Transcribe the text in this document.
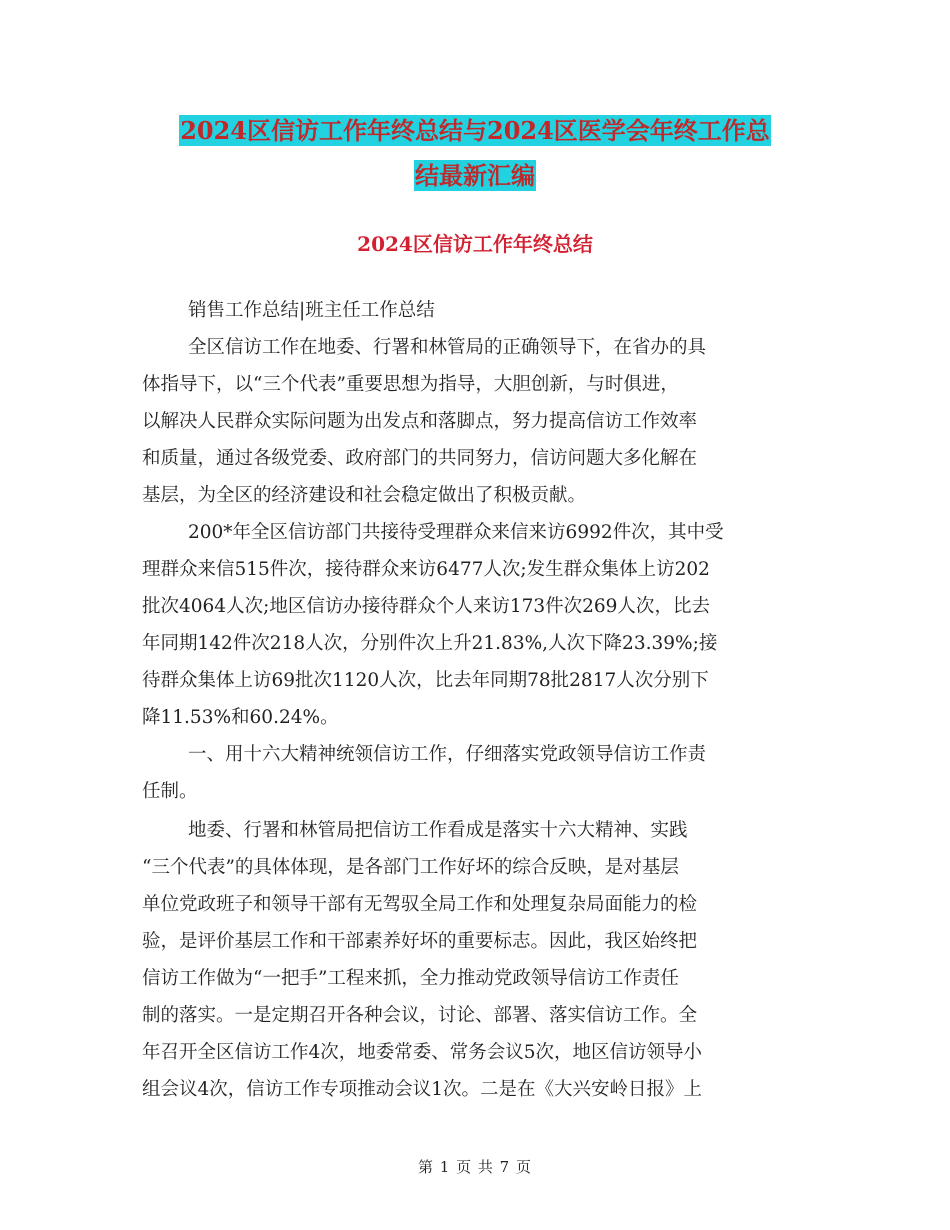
2024区信访工作年终总结与2024区医学会年终工作总
结最新汇编
2024区信访工作年终总结
销售工作总结|班主任工作总结
全区信访工作在地委、行署和林管局的正确领导下，在省办的具
体指导下，以“三个代表”重要思想为指导，大胆创新，与时俱进，
以解决人民群众实际问题为出发点和落脚点，努力提高信访工作效率
和质量，通过各级党委、政府部门的共同努力，信访问题大多化解在
基层，为全区的经济建设和社会稳定做出了积极贡献。
200*年全区信访部门共接待受理群众来信来访6992件次，其中受
理群众来信515件次，接待群众来访6477人次;发生群众集体上访202
批次4064人次;地区信访办接待群众个人来访173件次269人次，比去
年同期142件次218人次，分别件次上升21.83%,人次下降23.39%;接
待群众集体上访69批次1120人次，比去年同期78批2817人次分别下
降11.53%和60.24%。
一、用十六大精神统领信访工作，仔细落实党政领导信访工作责
任制。
地委、行署和林管局把信访工作看成是落实十六大精神、实践
“三个代表”的具体体现，是各部门工作好坏的综合反映，是对基层
单位党政班子和领导干部有无驾驭全局工作和处理复杂局面能力的检
验，是评价基层工作和干部素养好坏的重要标志。因此，我区始终把
信访工作做为“一把手”工程来抓，全力推动党政领导信访工作责任
制的落实。一是定期召开各种会议，讨论、部署、落实信访工作。全
年召开全区信访工作4次，地委常委、常务会议5次，地区信访领导小
组会议4次，信访工作专项推动会议1次。二是在《大兴安岭日报》上
第 1 页 共 7 页
